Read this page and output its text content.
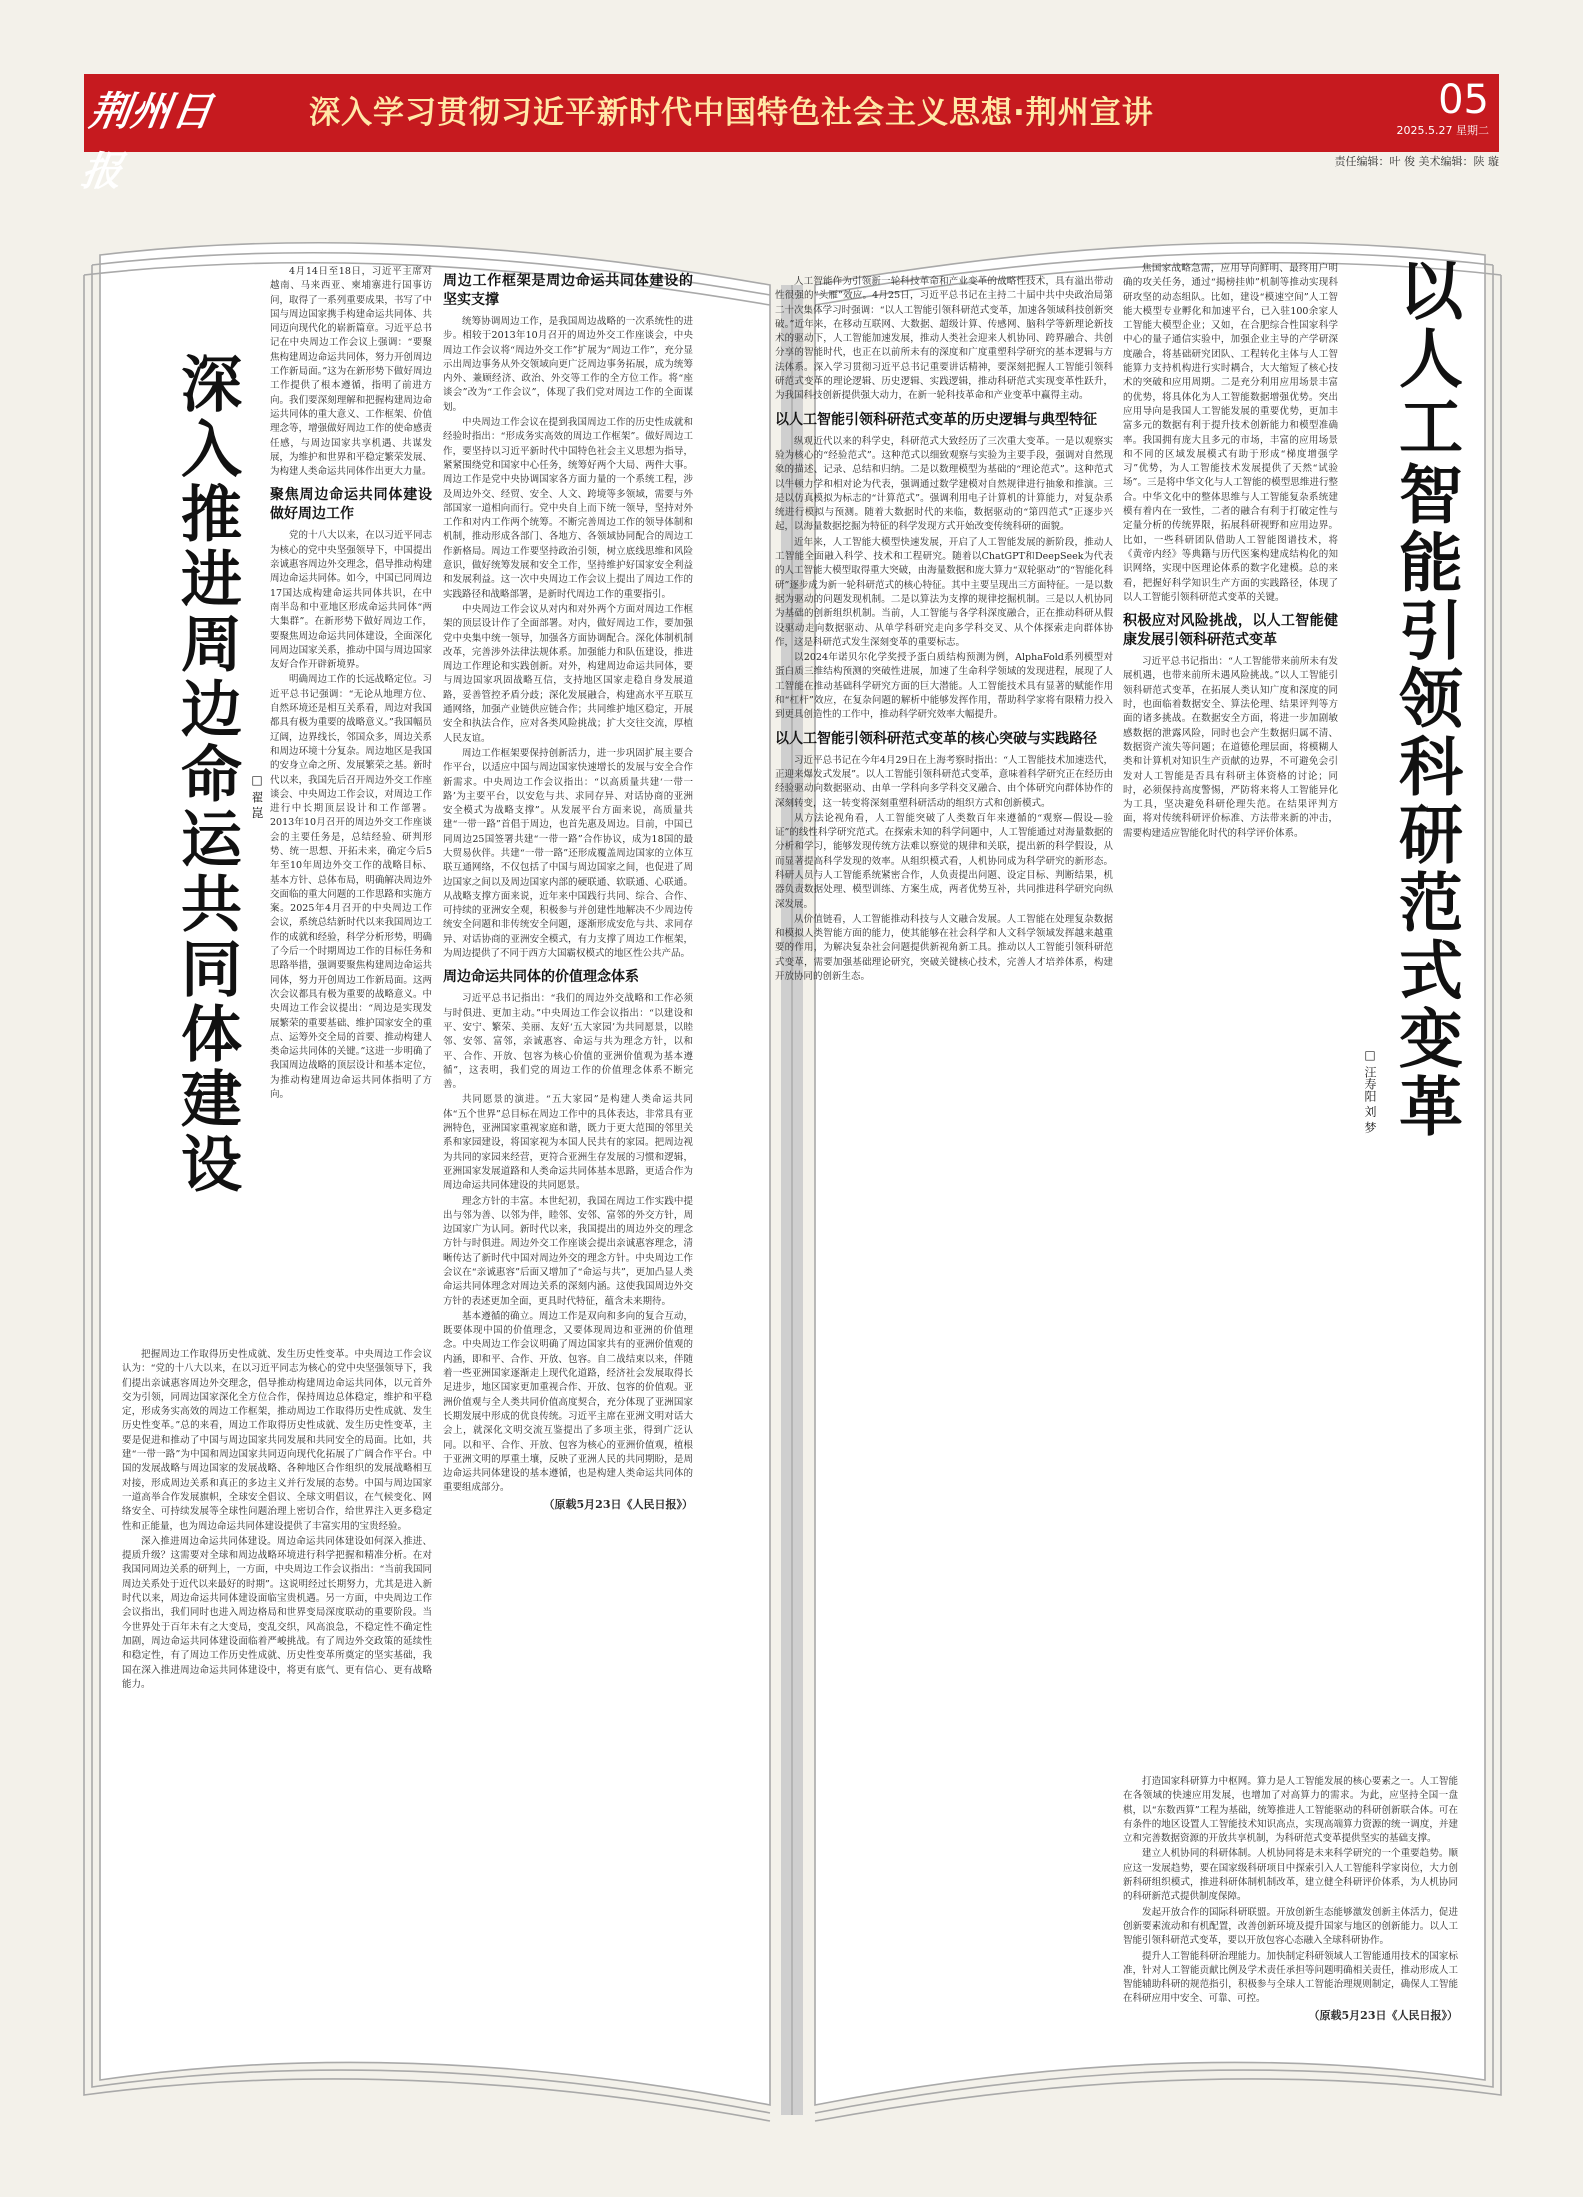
荆州日报
深入学习贯彻习近平新时代中国特色社会主义思想·荆州宣讲	05
2025.5.27 星期二
责任编辑：叶 俊 美术编辑：陕 璇
深入推进周边命运共同体建设 □ 翟 崑

4月14日至18日，习近平主席对越南、马来西亚、柬埔寨进行国事访问，取得了一系列重要成果，书写了中国与周边国家携手构建命运共同体、共同迈向现代化的崭新篇章。习近平总书记在中央周边工作会议上强调：“要聚焦构建周边命运共同体，努力开创周边工作新局面。”这为在新形势下做好周边工作提供了根本遵循，指明了前进方向。我们要深刻理解和把握构建周边命运共同体的重大意义、工作框架、价值理念等，增强做好周边工作的使命感责任感，与周边国家共享机遇、共谋发展，为维护和世界和平稳定繁荣发展、为构建人类命运共同体作出更大力量。

聚焦周边命运共同体建设做好周边工作

党的十八大以来，在以习近平同志为核心的党中央坚强领导下，中国提出亲诚惠容周边外交理念，倡导推动构建周边命运共同体。如今，中国已同周边17国达成构建命运共同体共识，在中南半岛和中亚地区形成命运共同体“两大集群”。在新形势下做好周边工作，要聚焦周边命运共同体建设，全面深化同周边国家关系，推动中国与周边国家友好合作开辟新境界。

明确周边工作的长远战略定位。习近平总书记强调：“无论从地理方位、自然环境还是相互关系看，周边对我国都具有极为重要的战略意义。”我国幅员辽阔，边界线长，邻国众多，周边关系和周边环境十分复杂。周边地区是我国的安身立命之所、发展繁荣之基。新时代以来，我国先后召开周边外交工作座谈会、中央周边工作会议，对周边工作进行中长期顶层设计和工作部署。2013年10月召开的周边外交工作座谈会的主要任务是，总结经验、研判形势、统一思想、开拓未来，确定今后5年至10年周边外交工作的战略目标、基本方针、总体布局，明确解决周边外交面临的重大问题的工作思路和实施方案。2025年4月召开的中央周边工作会议，系统总结新时代以来我国周边工作的成就和经验，科学分析形势，明确了今后一个时期周边工作的目标任务和思路举措，强调要聚焦构建周边命运共同体，努力开创周边工作新局面。这两次会议都具有极为重要的战略意义。中央周边工作会议提出：“周边是实现发展繁荣的重要基础、维护国家安全的重点、运筹外交全局的首要、推动构建人类命运共同体的关键。”这进一步明确了我国周边战略的顶层设计和基本定位，为推动构建周边命运共同体指明了方向。

把握周边工作取得历史性成就、发生历史性变革。中央周边工作会议认为：“党的十八大以来，在以习近平同志为核心的党中央坚强领导下，我们提出亲诚惠容周边外交理念，倡导推动构建周边命运共同体，以元首外交为引领，同周边国家深化全方位合作，保持周边总体稳定，维护和平稳定，形成务实高效的周边工作框架，推动周边工作取得历史性成就、发生历史性变革。”总的来看，周边工作取得历史性成就、发生历史性变革，主要是促进和推动了中国与周边国家共同发展和共同安全的局面。比如，共建“一带一路”为中国和周边国家共同迈向现代化拓展了广阔合作平台。中国的发展战略与周边国家的发展战略、各种地区合作组织的发展战略相互对接，形成周边关系和真正的多边主义并行发展的态势。中国与周边国家一道高举合作发展旗帜，全球安全倡议、全球文明倡议，在气候变化、网络安全、可持续发展等全球性问题治理上密切合作，给世界注入更多稳定性和正能量，也为周边命运共同体建设提供了丰富实用的宝贵经验。

深入推进周边命运共同体建设。周边命运共同体建设如何深入推进、提质升级？这需要对全球和周边战略环境进行科学把握和精准分析。在对我国同周边关系的研判上，一方面，中央周边工作会议指出：“当前我国同周边关系处于近代以来最好的时期”。这说明经过长期努力，尤其是进入新时代以来，周边命运共同体建设面临宝贵机遇。另一方面，中央周边工作会议指出，我们同时也进入周边格局和世界变局深度联动的重要阶段。当今世界处于百年未有之大变局，变乱交织，风高浪急，不稳定性不确定性加剧，周边命运共同体建设面临着严峻挑战。有了周边外交政策的延续性和稳定性，有了周边工作历史性成就、历史性变革所奠定的坚实基础，我国在深入推进周边命运共同体建设中，将更有底气、更有信心、更有战略能力。

周边工作框架是周边命运共同体建设的坚实支撑

统筹协调周边工作，是我国周边战略的一次系统性的进步。相较于2013年10月召开的周边外交工作座谈会，中央周边工作会议将“周边外交工作”扩展为“周边工作”，充分显示出周边事务从外交领域向更广泛周边事务拓展，成为统筹内外、兼顾经济、政治、外交等工作的全方位工作。将“座谈会”改为“工作会议”，体现了我们党对周边工作的全面谋划。

中央周边工作会议在提到我国周边工作的历史性成就和经验时指出：“形成务实高效的周边工作框架”。做好周边工作，要坚持以习近平新时代中国特色社会主义思想为指导，紧紧围绕党和国家中心任务，统筹好两个大局、两件大事。周边工作是党中央协调国家各方面力量的一个系统工程，涉及周边外交、经贸、安全、人文、跨境等多领域，需要与外部国家一道相向而行。党中央自上而下统一领导，坚持对外工作和对内工作两个统筹。不断完善周边工作的领导体制和机制，推动形成各部门、各地方、各领域协同配合的周边工作新格局。周边工作要坚持政治引领，树立底线思维和风险意识，做好统筹发展和安全工作，坚持维护好国家安全利益和发展利益。这一次中央周边工作会议上提出了周边工作的实践路径和战略部署，是新时代周边工作的重要指引。

中央周边工作会议从对内和对外两个方面对周边工作框架的顶层设计作了全面部署。对内，做好周边工作，要加强党中央集中统一领导，加强各方面协调配合。深化体制机制改革，完善涉外法律法规体系。加强能力和队伍建设，推进周边工作理论和实践创新。对外，构建周边命运共同体，要与周边国家巩固战略互信，支持地区国家走稳自身发展道路，妥善管控矛盾分歧；深化发展融合，构建高水平互联互通网络，加强产业链供应链合作；共同维护地区稳定，开展安全和执法合作，应对各类风险挑战；扩大交往交流，厚植人民友谊。

周边工作框架要保持创新活力，进一步巩固扩展主要合作平台，以适应中国与周边国家快速增长的发展与安全合作新需求。中央周边工作会议指出：“以高质量共建‘一带一路’为主要平台，以安危与共、求同存异、对话协商的亚洲安全模式为战略支撑”。从发展平台方面来说，高质量共建“一带一路”首倡于周边，也首先惠及周边。目前，中国已同周边25国签署共建“一带一路”合作协议，成为18国的最大贸易伙伴。共建“一带一路”还形成覆盖周边国家的立体互联互通网络，不仅包括了中国与周边国家之间，也促进了周边国家之间以及周边国家内部的硬联通、软联通、心联通。从战略支撑方面来说，近年来中国践行共同、综合、合作、可持续的亚洲安全观，积极参与并创建性地解决不少周边传统安全问题和非传统安全问题，逐渐形成安危与共、求同存异、对话协商的亚洲安全模式，有力支撑了周边工作框架，为周边提供了不同于西方大国霸权模式的地区性公共产品。

周边命运共同体的价值理念体系

习近平总书记指出：“我们的周边外交战略和工作必须与时俱进、更加主动。”中央周边工作会议指出：“以建设和平、安宁、繁荣、美丽、友好‘五大家园’为共同愿景，以睦邻、安邻、富邻，亲诚惠容、命运与共为理念方针，以和平、合作、开放、包容为核心价值的亚洲价值观为基本遵循”，这表明，我们党的周边工作的价值理念体系不断完善。

共同愿景的演进。“五大家园”是构建人类命运共同体“五个世界”总目标在周边工作中的具体表达，非常具有亚洲特色，亚洲国家重视家庭和谐，既力于更大范围的邻里关系和家园建设，将国家视为本国人民共有的家园。把周边视为共同的家园来经营，更符合亚洲生存发展的习惯和逻辑，亚洲国家发展道路和人类命运共同体基本思路，更适合作为周边命运共同体建设的共同愿景。

理念方针的丰富。本世纪初，我国在周边工作实践中提出与邻为善、以邻为伴，睦邻、安邻、富邻的外交方针，周边国家广为认同。新时代以来，我国提出的周边外交的理念方针与时俱进。周边外交工作座谈会提出亲诚惠容理念，清晰传达了新时代中国对周边外交的理念方针。中央周边工作会议在“亲诚惠容”后面又增加了“命运与共”，更加凸显人类命运共同体理念对周边关系的深刻内涵。这使我国周边外交方针的表述更加全面，更具时代特征，蕴含未来期待。

基本遵循的确立。周边工作是双向和多向的复合互动，既要体现中国的价值理念，又要体现周边和亚洲的价值理念。中央周边工作会议明确了周边国家共有的亚洲价值观的内涵，即和平、合作、开放、包容。自二战结束以来，伴随着一些亚洲国家逐渐走上现代化道路，经济社会发展取得长足进步，地区国家更加重视合作、开放、包容的价值观。亚洲价值观与全人类共同价值高度契合，充分体现了亚洲国家长期发展中形成的优良传统。习近平主席在亚洲文明对话大会上，就深化文明交流互鉴提出了多项主张，得到广泛认同。以和平、合作、开放、包容为核心的亚洲价值观，植根于亚洲文明的厚重土壤，反映了亚洲人民的共同期盼，是周边命运共同体建设的基本遵循，也是构建人类命运共同体的重要组成部分。

（原载5月23日《人民日报》）
以人工智能引领科研范式变革
□ 汪寿阳 刘 梦

人工智能作为引领新一轮科技革命和产业变革的战略性技术，具有溢出带动性很强的“头雁”效应。4月25日，习近平总书记在主持二十届中共中央政治局第二十次集体学习时强调：“以人工智能引领科研范式变革，加速各领域科技创新突破。”近年来，在移动互联网、大数据、超级计算、传感网、脑科学等新理论新技术的驱动下，人工智能加速发展，推动人类社会迎来人机协同、跨界融合、共创分享的智能时代，也正在以前所未有的深度和广度重塑科学研究的基本逻辑与方法体系。深入学习贯彻习近平总书记重要讲话精神，要深刻把握人工智能引领科研范式变革的理论逻辑、历史逻辑、实践逻辑，推动科研范式实现变革性跃升，为我国科技创新提供强大动力，在新一轮科技革命和产业变革中赢得主动。

以人工智能引领科研范式变革的历史逻辑与典型特征

纵观近代以来的科学史，科研范式大致经历了三次重大变革。一是以观察实验为核心的“经验范式”。这种范式以细致观察与实验为主要手段，强调对自然现象的描述、记录、总结和归纳。二是以数理模型为基础的“理论范式”。这种范式以牛顿力学和相对论为代表，强调通过数学建模对自然规律进行抽象和推演。三是以仿真模拟为标志的“计算范式”。强调利用电子计算机的计算能力，对复杂系统进行模拟与预测。随着大数据时代的来临，数据驱动的“第四范式”正逐步兴起，以海量数据挖掘为特征的科学发现方式开始改变传统科研的面貌。

近年来，人工智能大模型快速发展，开启了人工智能发展的新阶段，推动人工智能全面融入科学、技术和工程研究。随着以ChatGPT和DeepSeek为代表的人工智能大模型取得重大突破，由海量数据和庞大算力“双轮驱动”的“智能化科研”逐步成为新一轮科研范式的核心特征。其中主要呈现出三方面特征。一是以数据为驱动的问题发现机制。二是以算法为支撑的规律挖掘机制。三是以人机协同为基础的创新组织机制。当前，人工智能与各学科深度融合，正在推动科研从假设驱动走向数据驱动、从单学科研究走向多学科交叉、从个体探索走向群体协作，这是科研范式发生深刻变革的重要标志。

以2024年诺贝尔化学奖授予蛋白质结构预测为例，AlphaFold系列模型对蛋白质三维结构预测的突破性进展，加速了生命科学领域的发现进程，展现了人工智能在推动基础科学研究方面的巨大潜能。人工智能技术具有显著的赋能作用和“杠杆”效应，在复杂问题的解析中能够发挥作用，帮助科学家将有限精力投入到更具创造性的工作中，推动科学研究效率大幅提升。

以人工智能引领科研范式变革的核心突破与实践路径

习近平总书记在今年4月29日在上海考察时指出：“人工智能技术加速迭代，正迎来爆发式发展”。以人工智能引领科研范式变革，意味着科学研究正在经历由经验驱动向数据驱动、由单一学科向多学科交叉融合、由个体研究向群体协作的深刻转变，这一转变将深刻重塑科研活动的组织方式和创新模式。

从方法论视角看，人工智能突破了人类数百年来遵循的“观察—假设—验证”的线性科学研究范式。在探索未知的科学问题中，人工智能通过对海量数据的分析和学习，能够发现传统方法难以察觉的规律和关联，提出新的科学假设，从而显著提高科学发现的效率。从组织模式看，人机协同成为科学研究的新形态。科研人员与人工智能系统紧密合作，人负责提出问题、设定目标、判断结果，机器负责数据处理、模型训练、方案生成，两者优势互补，共同推进科学研究向纵深发展。

从价值链看，人工智能推动科技与人文融合发展。人工智能在处理复杂数据和模拟人类智能方面的能力，使其能够在社会科学和人文科学领域发挥越来越重要的作用，为解决复杂社会问题提供新视角新工具。推动以人工智能引领科研范式变革，需要加强基础理论研究，突破关键核心技术，完善人才培养体系，构建开放协同的创新生态。

焦国家战略急需，应用导向鲜明、最终用户明确的攻关任务，通过“揭榜挂帅”机制等推动实现科研攻坚的动态组队。比如，建设“模速空间”人工智能大模型专业孵化和加速平台，已入驻100余家人工智能大模型企业；又如，在合肥综合性国家科学中心的量子通信实验中，加强企业主导的产学研深度融合，将基础研究团队、工程转化主体与人工智能算力支持机构进行实时耦合，大大缩短了核心技术的突破和应用周期。二是充分利用应用场景丰富的优势，将具体化为人工智能数据增强优势。突出应用导向是我国人工智能发展的重要优势，更加丰富多元的数据有利于提升技术创新能力和模型准确率。我国拥有庞大且多元的市场，丰富的应用场景和不同的区域发展模式有助于形成“梯度增强学习”优势，为人工智能技术发展提供了天然“试验场”。三是将中华文化与人工智能的模型思维进行整合。中华文化中的整体思维与人工智能复杂系统建模有着内在一致性，二者的融合有利于打破定性与定量分析的传统界限，拓展科研视野和应用边界。比如，一些科研团队借助人工智能图谱技术，将《黄帝内经》等典籍与历代医案构建成结构化的知识网络，实现中医理论体系的数字化建模。总的来看，把握好科学知识生产方面的实践路径，体现了以人工智能引领科研范式变革的关键。

积极应对风险挑战，以人工智能健康发展引领科研范式变革

习近平总书记指出：“人工智能带来前所未有发展机遇，也带来前所未遇风险挑战。”以人工智能引领科研范式变革，在拓展人类认知广度和深度的同时，也面临着数据安全、算法伦理、结果评判等方面的诸多挑战。在数据安全方面，将进一步加剧敏感数据的泄露风险，同时也会产生数据归属不清、数据资产流失等问题；在道德伦理层面，将模糊人类和计算机对知识生产贡献的边界，不可避免会引发对人工智能是否具有科研主体资格的讨论；同时，必须保持高度警惕，严防将来将人工智能异化为工具，坚决避免科研伦理失范。在结果评判方面，将对传统科研评价标准、方法带来新的冲击，需要构建适应智能化时代的科学评价体系。

打造国家科研算力中枢网。算力是人工智能发展的核心要素之一。人工智能在各领域的快速应用发展，也增加了对高算力的需求。为此，应坚持全国一盘棋，以“东数西算”工程为基础，统筹推进人工智能驱动的科研创新联合体。可在有条件的地区设置人工智能技术知识高点，实现高端算力资源的统一调度，并建立和完善数据资源的开放共享机制，为科研范式变革提供坚实的基础支撑。

建立人机协同的科研体制。人机协同将是未来科学研究的一个重要趋势。顺应这一发展趋势，要在国家级科研项目中探索引入人工智能科学家岗位，大力创新科研组织模式，推进科研体制机制改革，建立健全科研评价体系，为人机协同的科研新范式提供制度保障。

发起开放合作的国际科研联盟。开放创新生态能够激发创新主体活力，促进创新要素流动和有机配置，改善创新环境及提升国家与地区的创新能力。以人工智能引领科研范式变革，要以开放包容心态融入全球科研协作。

提升人工智能科研治理能力。加快制定科研领域人工智能通用技术的国家标准，针对人工智能贡献比例及学术责任承担等问题明确相关责任，推动形成人工智能辅助科研的规范指引，积极参与全球人工智能治理规则制定，确保人工智能在科研应用中安全、可靠、可控。

（原载5月23日《人民日报》）
